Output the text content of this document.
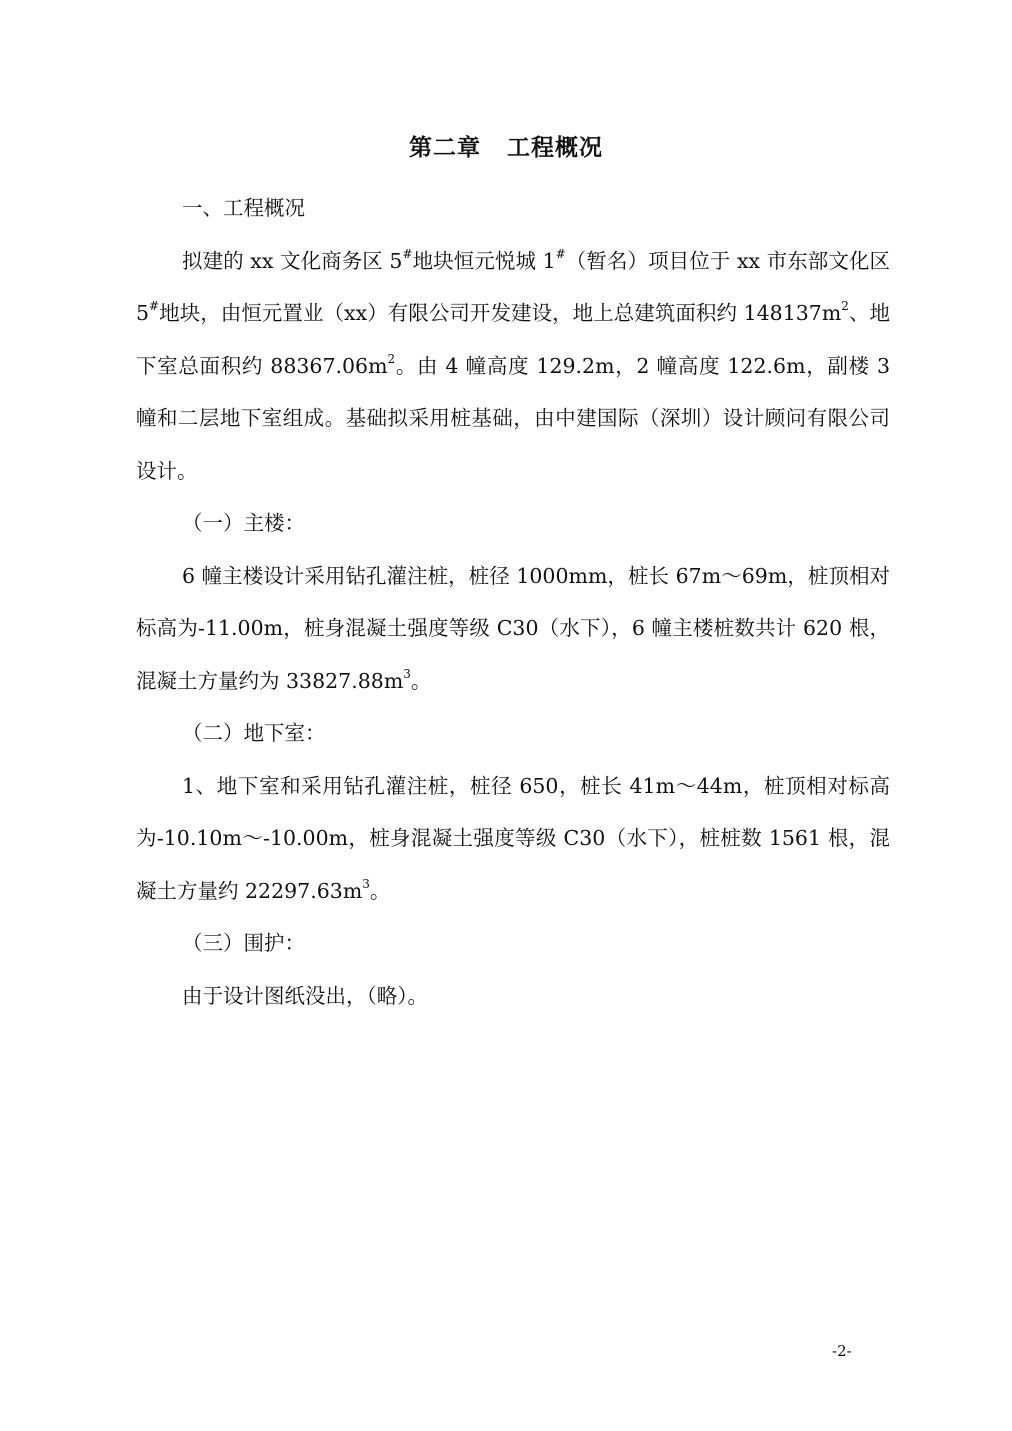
第二章 工程概况

一、工程概况

拟建的 xx 文化商务区 5#地块恒元悦城 1#（暂名）项目位于 xx 市东部文化区 5#地块，由恒元置业（xx）有限公司开发建设，地上总建筑面积约 $148137m^2$、地下室总面积约 $88367.06m^2$。由 4 幢高度 129.2m，2 幢高度 122.6m，副楼 3 幢和二层地下室组成。基础拟采用桩基础，由中建国际（深圳）设计顾问有限公司设计。

（一）主楼：

6 幢主楼设计采用钻孔灌注桩，桩径 1000mm，桩长 67m～69m，桩顶相对标高为-11.00m，桩身混凝土强度等级 C30（水下），6 幢主楼桩数共计 620 根，混凝土方量约为 $33827.88m^3$。

（二）地下室：

1、地下室和采用钻孔灌注桩，桩径 650，桩长 41m～44m，桩顶相对标高为-10.10m～-10.00m，桩身混凝土强度等级 C30（水下），桩桩数 1561 根，混凝土方量约 $22297.63m^3$。

（三）围护：

由于设计图纸没出，（略）。

-2-
